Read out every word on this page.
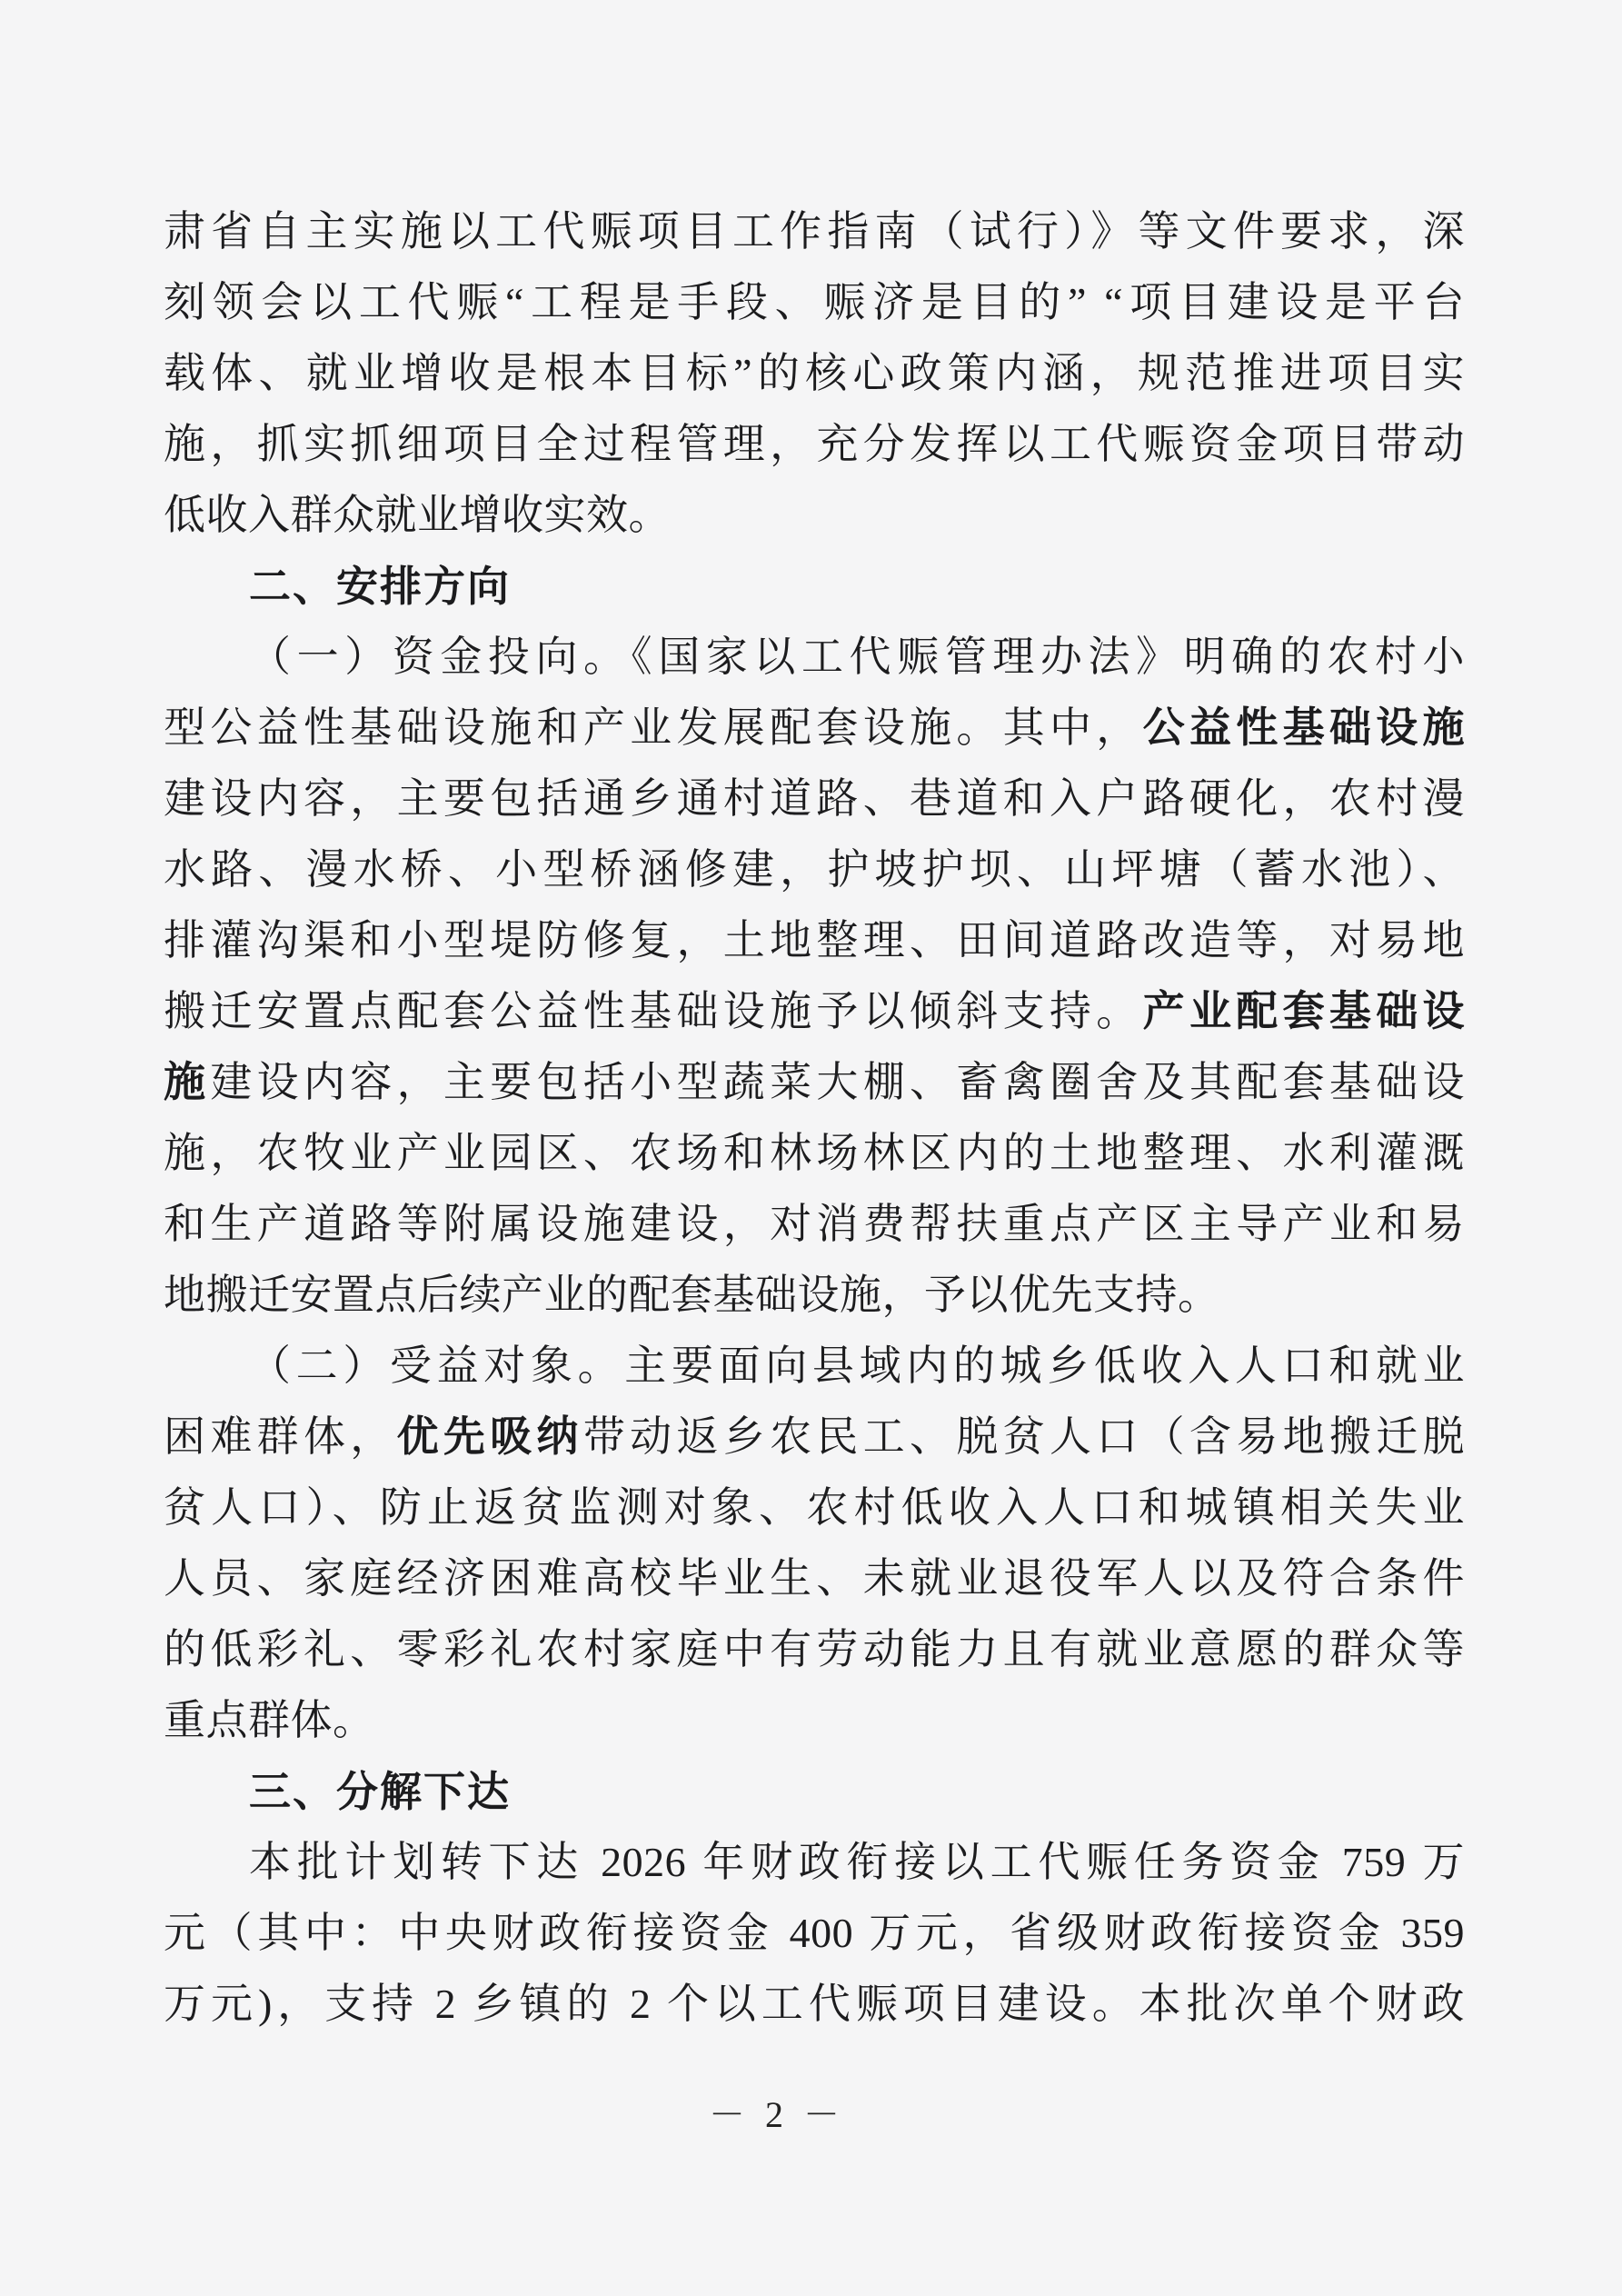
肃省自主实施以工代赈项目工作指南（试行）》等文件要求，深
刻领会以工代赈“工程是手段、赈济是目的” “项目建设是平台
载体、就业增收是根本目标”的核心政策内涵，规范推进项目实
施，抓实抓细项目全过程管理，充分发挥以工代赈资金项目带动
低收入群众就业增收实效。
二、安排方向
（一）资金投向。《国家以工代赈管理办法》明确的农村小
型公益性基础设施和产业发展配套设施。其中，公益性基础设施
建设内容，主要包括通乡通村道路、巷道和入户路硬化，农村漫
水路、漫水桥、小型桥涵修建，护坡护坝、山坪塘（蓄水池）、
排灌沟渠和小型堤防修复，土地整理、田间道路改造等，对易地
搬迁安置点配套公益性基础设施予以倾斜支持。产业配套基础设
施建设内容，主要包括小型蔬菜大棚、畜禽圈舍及其配套基础设
施，农牧业产业园区、农场和林场林区内的土地整理、水利灌溉
和生产道路等附属设施建设，对消费帮扶重点产区主导产业和易
地搬迁安置点后续产业的配套基础设施，予以优先支持。
（二）受益对象。主要面向县域内的城乡低收入人口和就业
困难群体，优先吸纳带动返乡农民工、脱贫人口（含易地搬迁脱
贫人口）、防止返贫监测对象、农村低收入人口和城镇相关失业
人员、家庭经济困难高校毕业生、未就业退役军人以及符合条件
的低彩礼、零彩礼农村家庭中有劳动能力且有就业意愿的群众等
重点群体。
三、分解下达
本批计划转下达 2026 年财政衔接以工代赈任务资金 759 万
元（其中：中央财政衔接资金 400 万元，省级财政衔接资金 359
万元)，支持 2 乡镇的 2 个以工代赈项目建设。本批次单个财政
－ 2 －
